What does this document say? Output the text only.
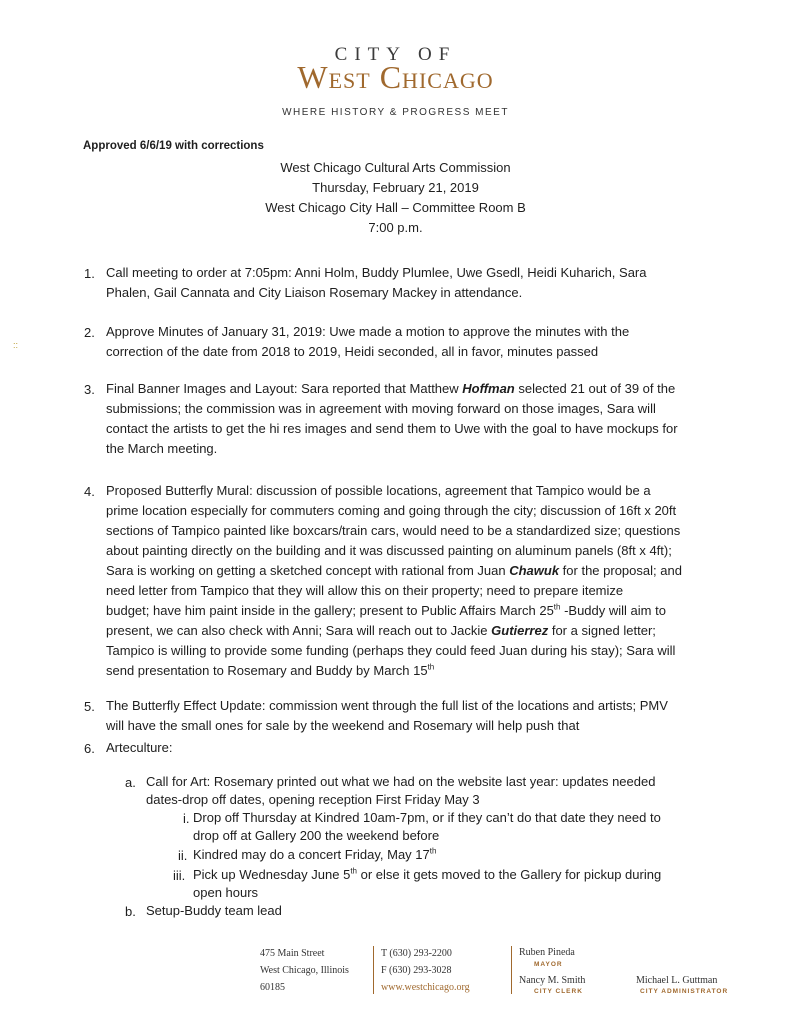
CITY OF
West Chicago
WHERE HISTORY & PROGRESS MEET
Approved 6/6/19 with corrections
West Chicago Cultural Arts Commission
Thursday, February 21, 2019
West Chicago City Hall – Committee Room B
7:00 p.m.
::
1. Call meeting to order at 7:05pm: Anni Holm, Buddy Plumlee, Uwe Gsedl, Heidi Kuharich, Sara
Phalen, Gail Cannata and City Liaison Rosemary Mackey in attendance.
2. Approve Minutes of January 31, 2019: Uwe made a motion to approve the minutes with the
correction of the date from 2018 to 2019, Heidi seconded, all in favor, minutes passed
3. Final Banner Images and Layout: Sara reported that Matthew Hoffman selected 21 out of 39 of the
submissions; the commission was in agreement with moving forward on those images, Sara will
contact the artists to get the hi res images and send them to Uwe with the goal to have mockups for
the March meeting.
4. Proposed Butterfly Mural: discussion of possible locations, agreement that Tampico would be a
prime location especially for commuters coming and going through the city; discussion of 16ft x 20ft
sections of Tampico painted like boxcars/train cars, would need to be a standardized size; questions
about painting directly on the building and it was discussed painting on aluminum panels (8ft x 4ft);
Sara is working on getting a sketched concept with rational from Juan Chawuk for the proposal; and
need letter from Tampico that they will allow this on their property; need to prepare itemize
budget; have him paint inside in the gallery; present to Public Affairs March 25th -Buddy will aim to
present, we can also check with Anni; Sara will reach out to Jackie Gutierrez for a signed letter;
Tampico is willing to provide some funding (perhaps they could feed Juan during his stay); Sara will
send presentation to Rosemary and Buddy by March 15th
5. The Butterfly Effect Update: commission went through the full list of the locations and artists; PMV
will have the small ones for sale by the weekend and Rosemary will help push that
6. Arteculture:
a. Call for Art: Rosemary printed out what we had on the website last year: updates needed
dates-drop off dates, opening reception First Friday May 3
i. Drop off Thursday at Kindred 10am-7pm, or if they can’t do that date they need to
drop off at Gallery 200 the weekend before
ii. Kindred may do a concert Friday, May 17th
iii. Pick up Wednesday June 5th or else it gets moved to the Gallery for pickup during
open hours
b. Setup-Buddy team lead
475 Main Street
West Chicago, Illinois
60185
T (630) 293-2200
F (630) 293-3028
www.westchicago.org
Ruben Pineda
MAYOR
Nancy M. Smith
CITY CLERK
Michael L. Guttman
CITY ADMINISTRATOR
